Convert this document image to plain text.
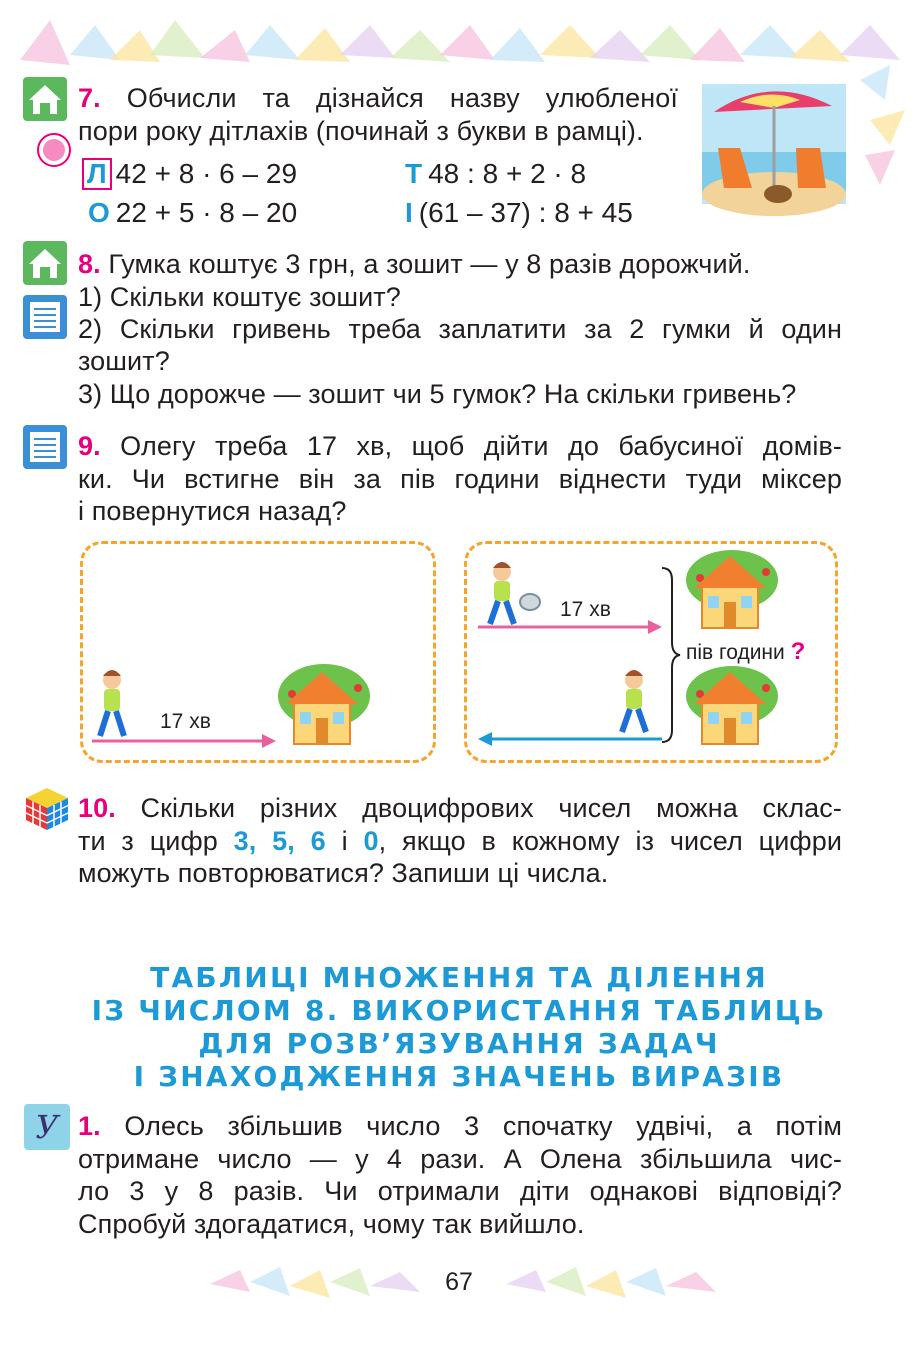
7. Обчисли та дізнайся назву улюбленої
пори року дітлахів (починай з букви в рамці).
Л 42 + 8 · 6 – 29	Т 48 : 8 + 2 · 8
О 22 + 5 · 8 – 20	І (61 – 37) : 8 + 45
8. Гумка коштує 3 грн, а зошит — у 8 разів дорожчий.
1) Скільки коштує зошит?
2) Скільки гривень треба заплатити за 2 гумки й один
зошит?
3) Що дорожче — зошит чи 5 гумок? На скільки гривень?
9. Олегу треба 17 хв, щоб дійти до бабусиної домів-
ки. Чи встигне він за пів години віднести туди міксер
і повернутися назад?
17 хв
17 хв
пів години ?
10. Скільки різних двоцифрових чисел можна склас-
ти з цифр 3, 5, 6 і 0, якщо в кожному із чисел цифри
можуть повторюватися? Запиши ці числа.
ТАБЛИЦІ МНОЖЕННЯ ТА ДІЛЕННЯ
ІЗ ЧИСЛОМ 8. ВИКОРИСТАННЯ ТАБЛИЦЬ
ДЛЯ РОЗВ’ЯЗУВАННЯ ЗАДАЧ
І ЗНАХОДЖЕННЯ ЗНАЧЕНЬ ВИРАЗІВ
У 1. Олесь збільшив число 3 спочатку удвічі, а потім
отримане число — у 4 рази. А Олена збільшила чис-
ло 3 у 8 разів. Чи отримали діти однакові відповіді?
Спробуй здогадатися, чому так вийшло.
67
